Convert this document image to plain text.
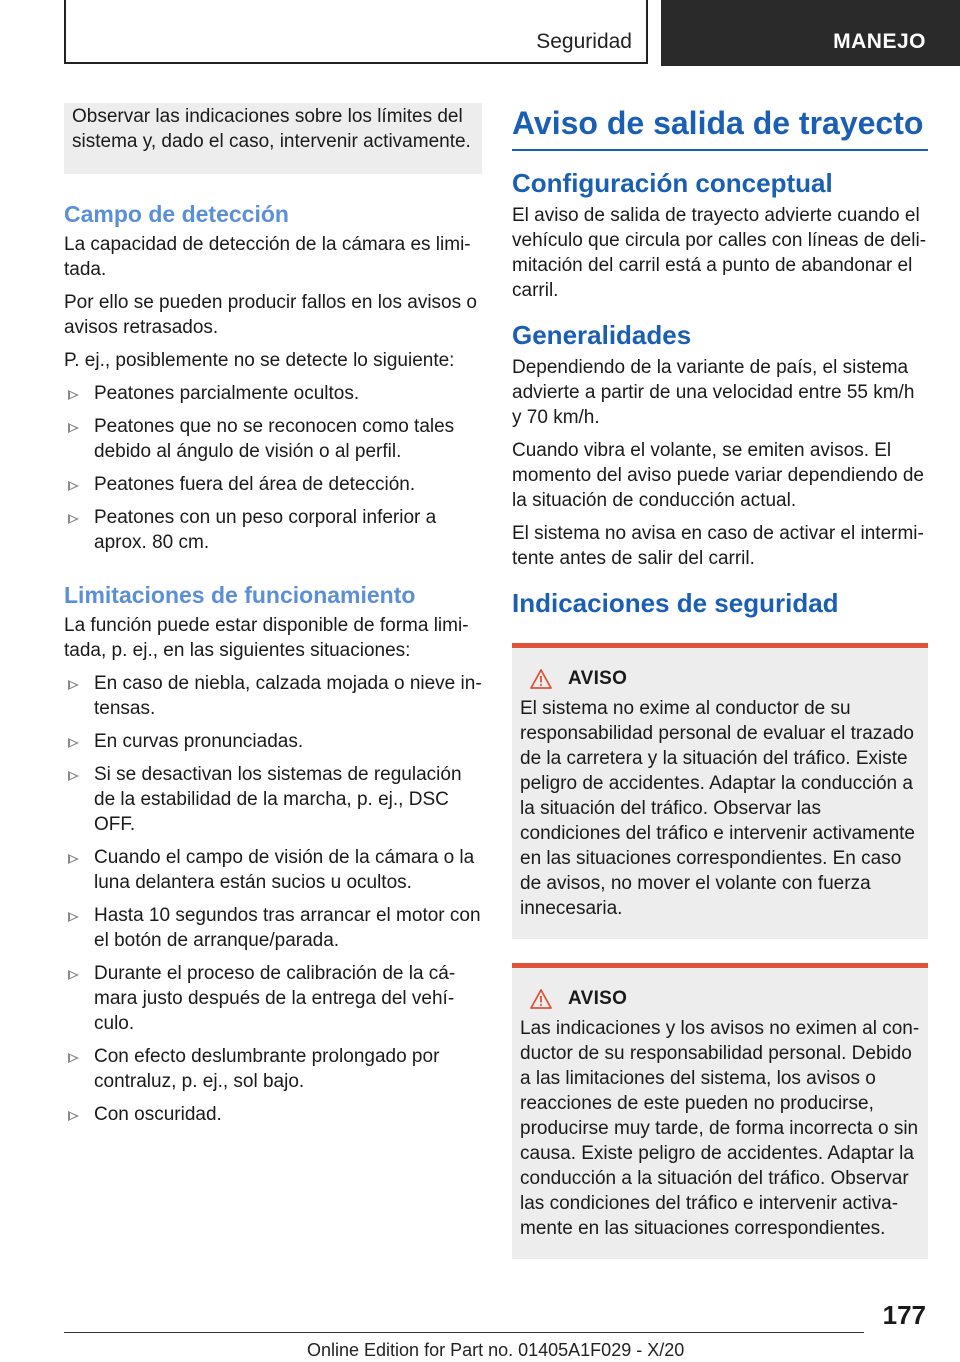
Seguridad	MANEJO

Observar las indicaciones sobre los límites del sistema y, dado el caso, intervenir activamente.

Campo de detección

La capacidad de detección de la cámara es limitada.

Por ello se pueden producir fallos en los avisos o avisos retrasados.

P. ej., posiblemente no se detecte lo siguiente:

Peatones parcialmente ocultos.
Peatones que no se reconocen como tales debido al ángulo de visión o al perfil.
Peatones fuera del área de detección.
Peatones con un peso corporal inferior a aprox. 80 cm.
Limitaciones de funcionamiento

La función puede estar disponible de forma limitada, p. ej., en las siguientes situaciones:

En caso de niebla, calzada mojada o nieve intensas.
En curvas pronunciadas.
Si se desactivan los sistemas de regulación de la estabilidad de la marcha, p. ej., DSC OFF.
Cuando el campo de visión de la cámara o la luna delantera están sucios u ocultos.
Hasta 10 segundos tras arrancar el motor con el botón de arranque/parada.
Durante el proceso de calibración de la cámara justo después de la entrega del vehículo.
Con efecto deslumbrante prolongado por contraluz, p. ej., sol bajo.
Con oscuridad.
Aviso de salida de trayecto
Configuración conceptual

El aviso de salida de trayecto advierte cuando el vehículo que circula por calles con líneas de delimitación del carril está a punto de abandonar el carril.

Generalidades

Dependiendo de la variante de país, el sistema advierte a partir de una velocidad entre 55 km/h y 70 km/h.

Cuando vibra el volante, se emiten avisos. El momento del aviso puede variar dependiendo de la situación de conducción actual.

El sistema no avisa en caso de activar el intermitente antes de salir del carril.

Indicaciones de seguridad
AVISO

El sistema no exime al conductor de su responsabilidad personal de evaluar el trazado de la carretera y la situación del tráfico. Existe peligro de accidentes. Adaptar la conducción a la situación del tráfico. Observar las condiciones del tráfico e intervenir activamente en las situaciones correspondientes. En caso de avisos, no mover el volante con fuerza innecesaria.

AVISO

Las indicaciones y los avisos no eximen al conductor de su responsabilidad personal. Debido a las limitaciones del sistema, los avisos o reacciones de este pueden no producirse, producirse muy tarde, de forma incorrecta o sin causa. Existe peligro de accidentes. Adaptar la conducción a la situación del tráfico. Observar las condiciones del tráfico e intervenir activamente en las situaciones correspondientes.

177
Online Edition for Part no. 01405A1F029 - X/20
